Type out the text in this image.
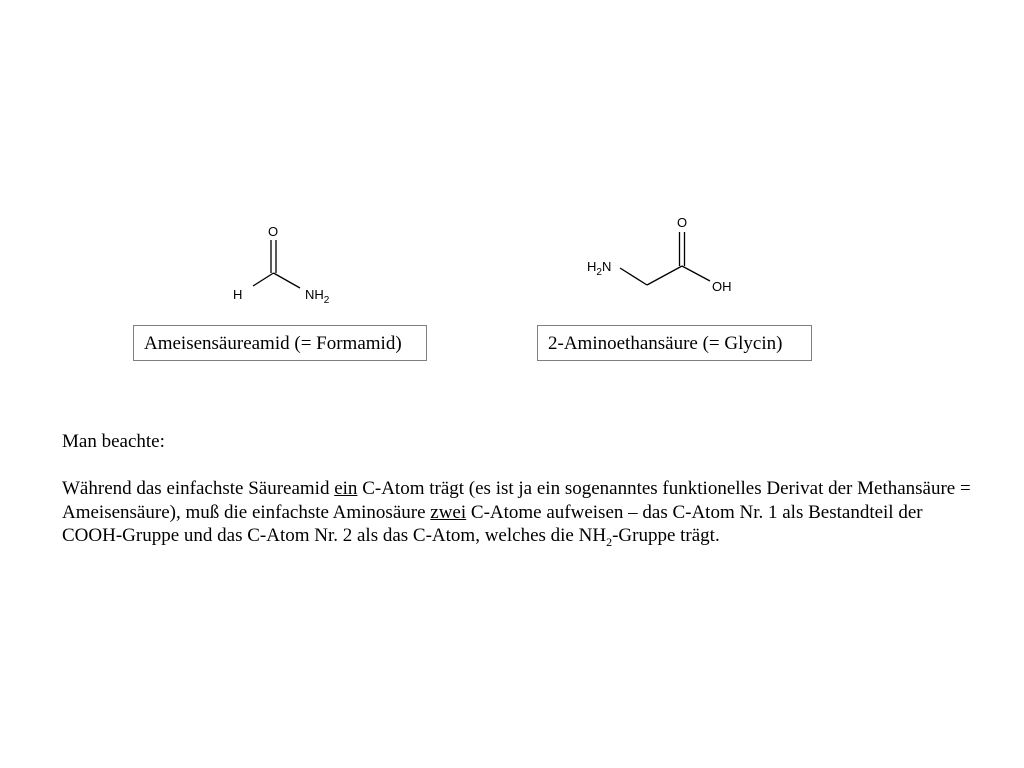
O
H	$NH_2$
$H_2N$
O
OH
Ameisensäureamid (= Formamid)	2-Aminoethansäure (= Glycin)

Man beachte:

Während das einfachste Säureamid ein C-Atom trägt (es ist ja ein sogenanntes funktionelles Derivat der Methansäure = Ameisensäure), muß die einfachste Aminosäure zwei C-Atome aufweisen – das C-Atom Nr. 1 als Bestandteil der COOH-Gruppe und das C-Atom Nr. 2 als das C-Atom, welches die $NH_2$-Gruppe trägt.
